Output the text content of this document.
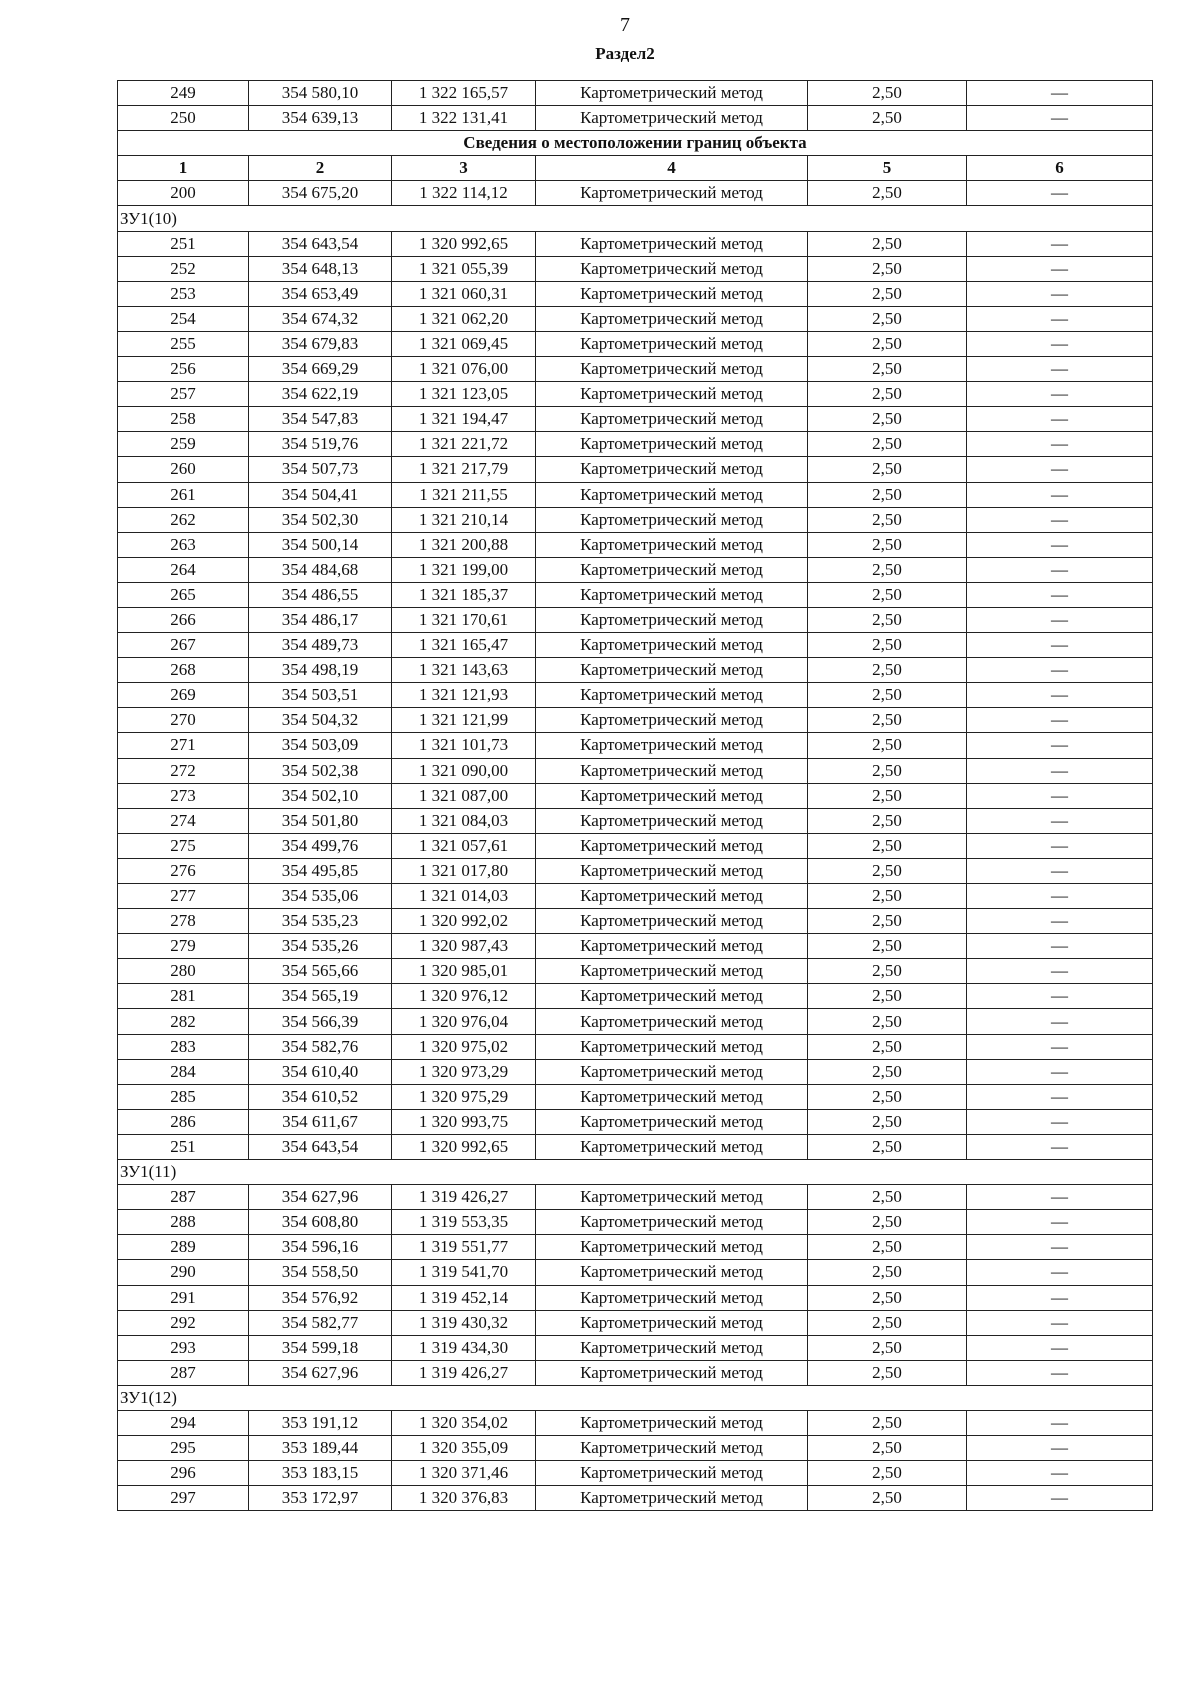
7
Раздел2
249	354 580,10	1 322 165,57	Картометрический метод	2,50	—
250	354 639,13	1 322 131,41	Картометрический метод	2,50	—
Сведения о местоположении границ объекта					
1	2	3	4	5	6
200	354 675,20	1 322 114,12	Картометрический метод	2,50	—
ЗУ1(10)					
251	354 643,54	1 320 992,65	Картометрический метод	2,50	—
252	354 648,13	1 321 055,39	Картометрический метод	2,50	—
253	354 653,49	1 321 060,31	Картометрический метод	2,50	—
254	354 674,32	1 321 062,20	Картометрический метод	2,50	—
255	354 679,83	1 321 069,45	Картометрический метод	2,50	—
256	354 669,29	1 321 076,00	Картометрический метод	2,50	—
257	354 622,19	1 321 123,05	Картометрический метод	2,50	—
258	354 547,83	1 321 194,47	Картометрический метод	2,50	—
259	354 519,76	1 321 221,72	Картометрический метод	2,50	—
260	354 507,73	1 321 217,79	Картометрический метод	2,50	—
261	354 504,41	1 321 211,55	Картометрический метод	2,50	—
262	354 502,30	1 321 210,14	Картометрический метод	2,50	—
263	354 500,14	1 321 200,88	Картометрический метод	2,50	—
264	354 484,68	1 321 199,00	Картометрический метод	2,50	—
265	354 486,55	1 321 185,37	Картометрический метод	2,50	—
266	354 486,17	1 321 170,61	Картометрический метод	2,50	—
267	354 489,73	1 321 165,47	Картометрический метод	2,50	—
268	354 498,19	1 321 143,63	Картометрический метод	2,50	—
269	354 503,51	1 321 121,93	Картометрический метод	2,50	—
270	354 504,32	1 321 121,99	Картометрический метод	2,50	—
271	354 503,09	1 321 101,73	Картометрический метод	2,50	—
272	354 502,38	1 321 090,00	Картометрический метод	2,50	—
273	354 502,10	1 321 087,00	Картометрический метод	2,50	—
274	354 501,80	1 321 084,03	Картометрический метод	2,50	—
275	354 499,76	1 321 057,61	Картометрический метод	2,50	—
276	354 495,85	1 321 017,80	Картометрический метод	2,50	—
277	354 535,06	1 321 014,03	Картометрический метод	2,50	—
278	354 535,23	1 320 992,02	Картометрический метод	2,50	—
279	354 535,26	1 320 987,43	Картометрический метод	2,50	—
280	354 565,66	1 320 985,01	Картометрический метод	2,50	—
281	354 565,19	1 320 976,12	Картометрический метод	2,50	—
282	354 566,39	1 320 976,04	Картометрический метод	2,50	—
283	354 582,76	1 320 975,02	Картометрический метод	2,50	—
284	354 610,40	1 320 973,29	Картометрический метод	2,50	—
285	354 610,52	1 320 975,29	Картометрический метод	2,50	—
286	354 611,67	1 320 993,75	Картометрический метод	2,50	—
251	354 643,54	1 320 992,65	Картометрический метод	2,50	—
ЗУ1(11)					
287	354 627,96	1 319 426,27	Картометрический метод	2,50	—
288	354 608,80	1 319 553,35	Картометрический метод	2,50	—
289	354 596,16	1 319 551,77	Картометрический метод	2,50	—
290	354 558,50	1 319 541,70	Картометрический метод	2,50	—
291	354 576,92	1 319 452,14	Картометрический метод	2,50	—
292	354 582,77	1 319 430,32	Картометрический метод	2,50	—
293	354 599,18	1 319 434,30	Картометрический метод	2,50	—
287	354 627,96	1 319 426,27	Картометрический метод	2,50	—
ЗУ1(12)					
294	353 191,12	1 320 354,02	Картометрический метод	2,50	—
295	353 189,44	1 320 355,09	Картометрический метод	2,50	—
296	353 183,15	1 320 371,46	Картометрический метод	2,50	—
297	353 172,97	1 320 376,83	Картометрический метод	2,50	—
